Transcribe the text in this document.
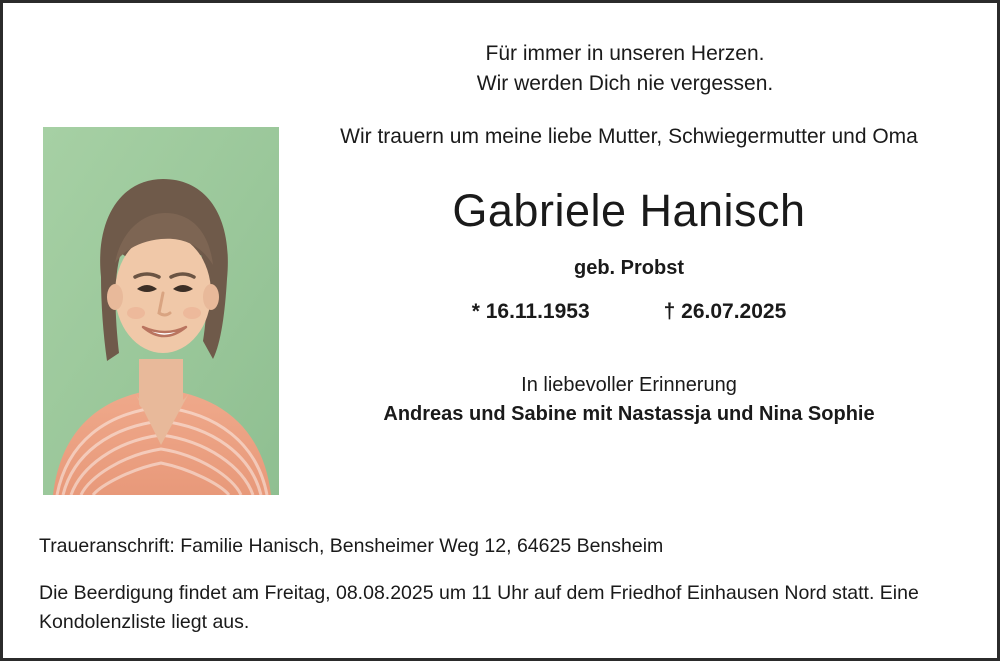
Für immer in unseren Herzen.
Wir werden Dich nie vergessen.
Wir trauern um meine liebe Mutter, Schwiegermutter und Oma
Gabriele Hanisch
geb. Probst
* 16.11.1953	† 26.07.2025
In liebevoller Erinnerung
Andreas und Sabine mit Nastassja und Nina Sophie
Traueranschrift: Familie Hanisch, Bensheimer Weg 12, 64625 Bensheim
Die Beerdigung findet am Freitag, 08.08.2025 um 11 Uhr auf dem Friedhof Einhausen Nord statt. Eine Kondolenzliste liegt aus.
